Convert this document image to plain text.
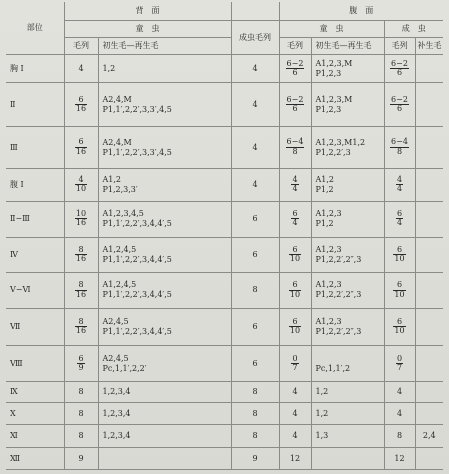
部位	背　面			腹　面			
	童　虫		成虫毛列	童　虫		成　虫	
	毛列	初生毛—再生毛		毛列	初生毛—再生毛	毛列	补生毛
胸 Ⅰ	4	1,2	4	$\frac{6-2}{6}$	A1,2,3,M
P1,2,3	$\frac{6-2}{6}$

Ⅱ	$\frac{6}{16}$	A2,4,M
P1,1′,2,2′,3,3′,4,5	4	$\frac{6-2}{6}$	A1,2,3,M
P1,2,3	$\frac{6-2}{6}$

Ⅲ	$\frac{6}{16}$	A2,4,M
P1,1′,2,2′,3,3′,4,5	4	$\frac{6-4}{8}$	A1,2,3,M1,2
P1,2,2′,3	$\frac{6-4}{8}$

腹 Ⅰ	$\frac{4}{10}$	A1,2
P1,2,3,3′	4	$\frac{4}{4}$	A1,2
P1,2	$\frac{4}{4}$

Ⅱ−Ⅲ	$\frac{10}{16}$	A1,2,3,4,5
P1,1′,2,2′,3,4,4′,5	6	$\frac{6}{4}$	A1,2,3
P1,2	$\frac{6}{4}$

Ⅳ	$\frac{8}{16}$	A1,2,4,5
P1,1′,2,2′,3,4,4′,5	6	$\frac{6}{10}$	A1,2,3
P1,2,2′,2″,3	$\frac{6}{10}$

Ⅴ−Ⅵ	$\frac{8}{16}$	A1,2,4,5
P1,1′,2,2′,3,4,4′,5	8	$\frac{6}{10}$	A1,2,3
P1,2,2′,2″,3	$\frac{6}{10}$

Ⅶ	$\frac{8}{16}$	A2,4,5
P1,1′,2,2′,3,4,4′,5	6	$\frac{6}{10}$	A1,2,3
P1,2,2′,2″,3	$\frac{6}{10}$

Ⅷ	$\frac{6}{9}$	A2,4,5
Pc,1,1′,2,2′	6	$\frac{0}{7}$	Pc,1,1′,2	$\frac{0}{7}$

Ⅸ	8	1,2,3,4	8	4	1,2	4	
Ⅹ	8	1,2,3,4	8	4	1,2	4	
Ⅺ	8	1,2,3,4	8	4	1,3	8	2,4
Ⅻ	9		9	12		12	
